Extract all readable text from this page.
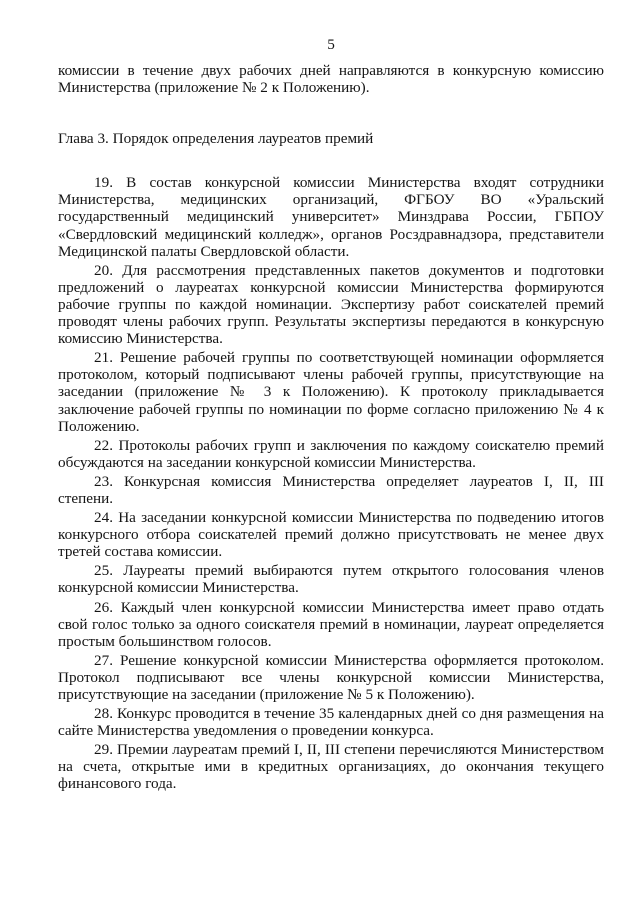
5

комиссии в течение двух рабочих дней направляются в конкурсную комиссию Министерства (приложение № 2 к Положению).

Глава 3. Порядок определения лауреатов премий

19. В состав конкурсной комиссии Министерства входят сотрудники Министерства, медицинских организаций, ФГБОУ ВО «Уральский государственный медицинский университет» Минздрава России, ГБПОУ «Свердловский медицинский колледж», органов Росздравнадзора, представители Медицинской палаты Свердловской области.

20. Для рассмотрения представленных пакетов документов и подготовки предложений о лауреатах конкурсной комиссии Министерства формируются рабочие группы по каждой номинации. Экспертизу работ соискателей премий проводят члены рабочих групп. Результаты экспертизы передаются в конкурсную комиссию Министерства.

21. Решение рабочей группы по соответствующей номинации оформляется протоколом, который подписывают члены рабочей группы, присутствующие на заседании (приложение № 3 к Положению). К протоколу прикладывается заключение рабочей группы по номинации по форме согласно приложению № 4 к Положению.

22. Протоколы рабочих групп и заключения по каждому соискателю премий обсуждаются на заседании конкурсной комиссии Министерства.

23. Конкурсная комиссия Министерства определяет лауреатов I, II, III степени.

24. На заседании конкурсной комиссии Министерства по подведению итогов конкурсного отбора соискателей премий должно присутствовать не менее двух третей состава комиссии.

25. Лауреаты премий выбираются путем открытого голосования членов конкурсной комиссии Министерства.

26. Каждый член конкурсной комиссии Министерства имеет право отдать свой голос только за одного соискателя премий в номинации, лауреат определяется простым большинством голосов.

27. Решение конкурсной комиссии Министерства оформляется протоколом. Протокол подписывают все члены конкурсной комиссии Министерства, присутствующие на заседании (приложение № 5 к Положению).

28. Конкурс проводится в течение 35 календарных дней со дня размещения на сайте Министерства уведомления о проведении конкурса.

29. Премии лауреатам премий I, II, III степени перечисляются Министерством на счета, открытые ими в кредитных организациях, до окончания текущего финансового года.
